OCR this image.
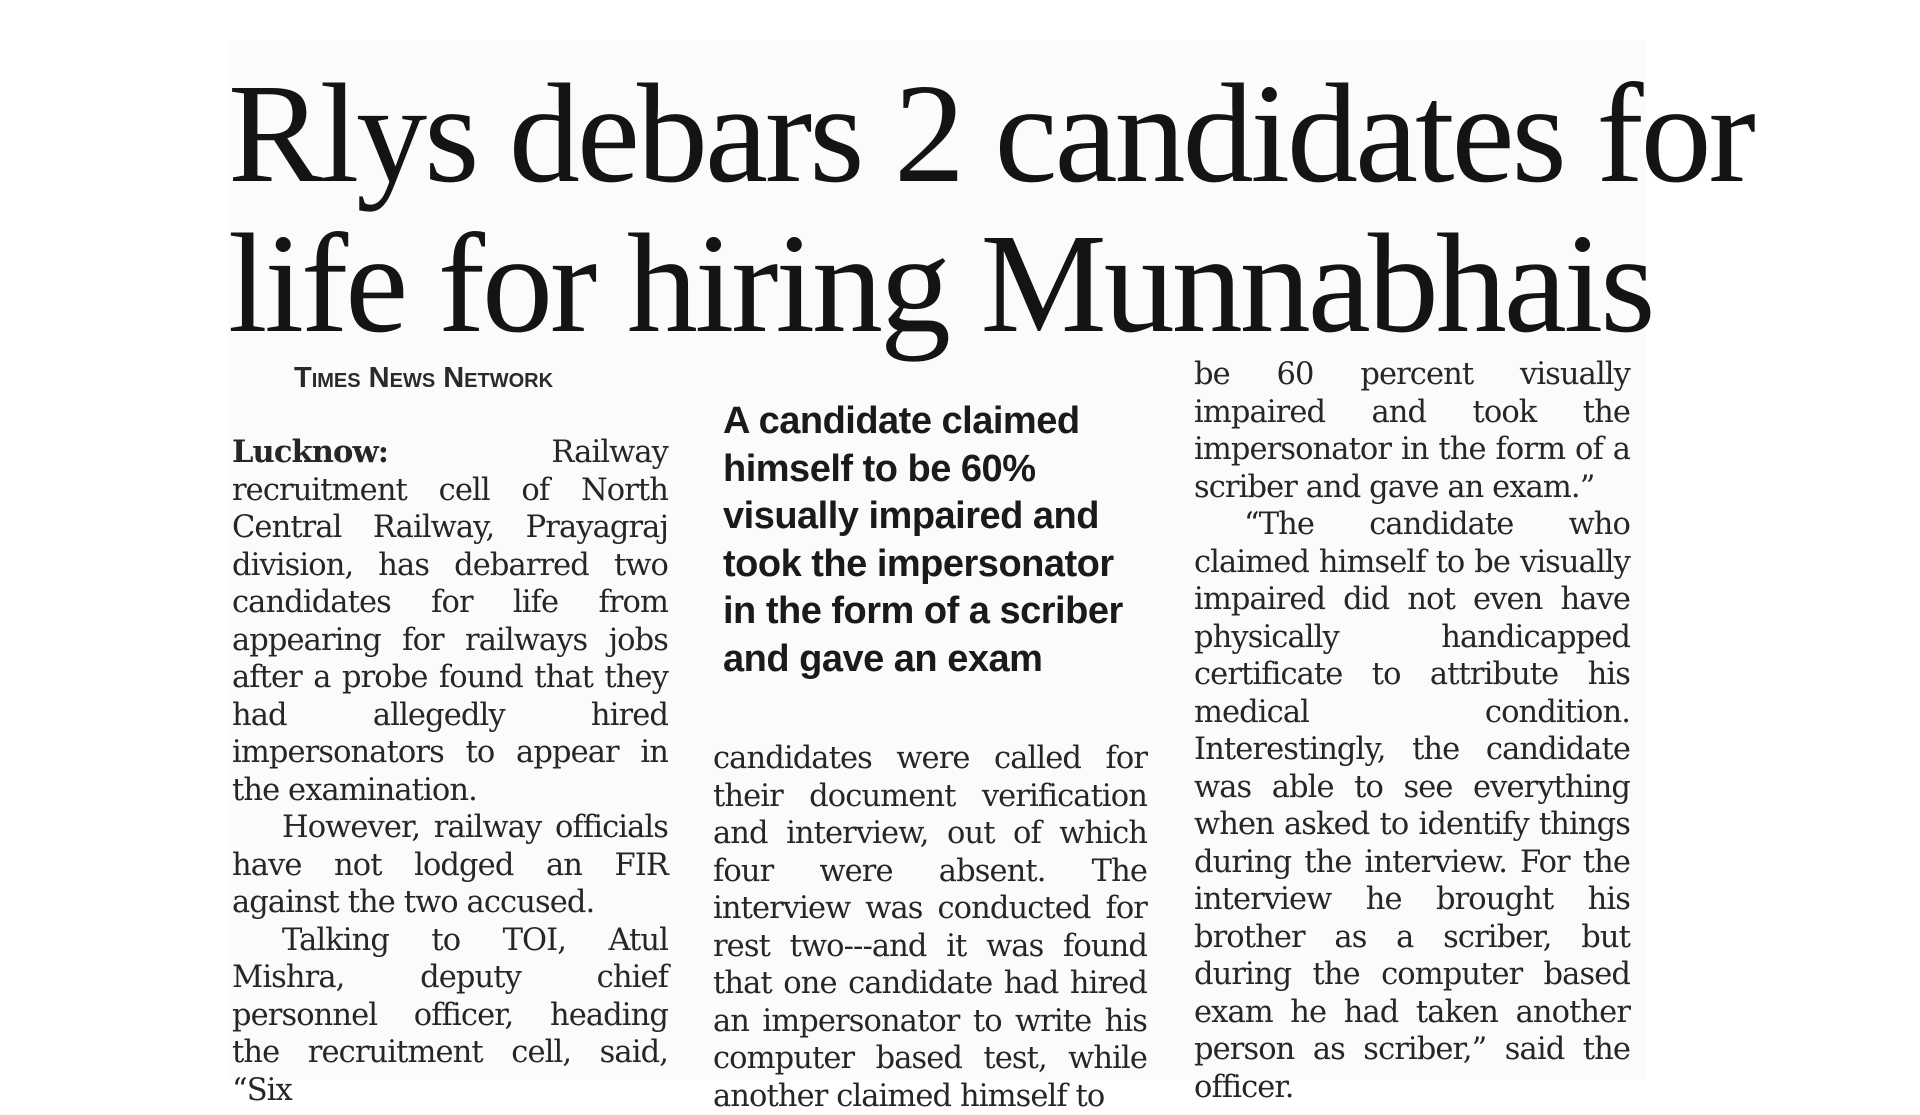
Rlys debars 2 candidates for
life for hiring Munnabhais
Times News Network

Lucknow: Railway recruitment cell of North Central Railway, Prayagraj division, has debarred two candidates for life from appearing for railways jobs after a probe found that they had allegedly hired impersonators to appear in the examination.

However, railway officials have not lodged an FIR against the two accused.

Talking to TOI, Atul Mishra, deputy chief personnel officer, heading the recruitment cell, said, “Six

A candidate claimed himself to be 60% visually impaired and took the impersonator in the form of a scriber and gave an exam

candidates were called for their document verification and interview, out of which four were absent. The interview was conducted for rest two---and it was found that one candidate had hired an impersonator to write his computer based test, while another claimed himself to

be 60 percent visually impaired and took the impersonator in the form of a scriber and gave an exam.”

“The candidate who claimed himself to be visually impaired did not even have physically handicapped certificate to attribute his medical condition. Interestingly, the candidate was able to see everything when asked to identify things during the interview. For the interview he brought his brother as a scriber, but during the computer based exam he had taken another person as scriber,” said the officer.
